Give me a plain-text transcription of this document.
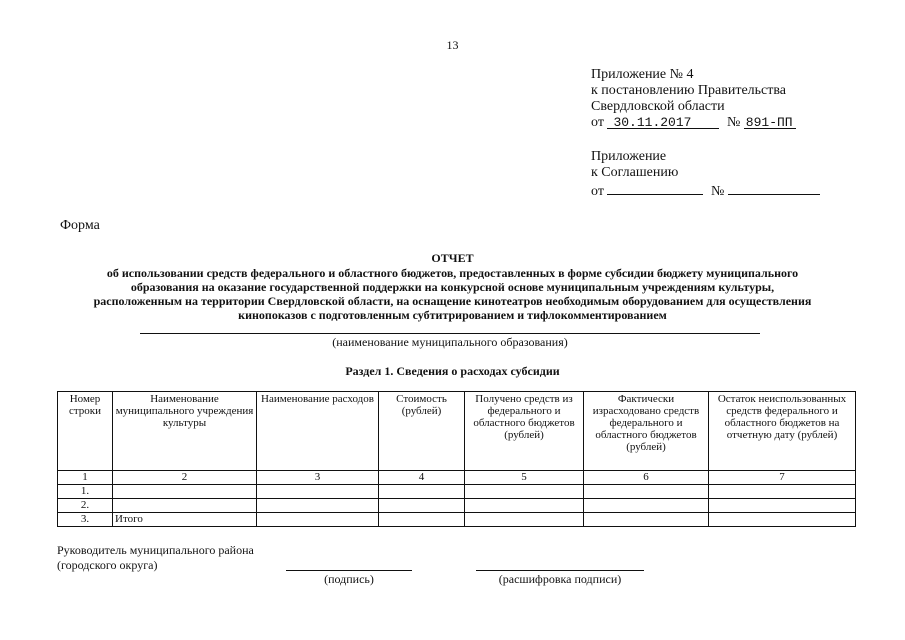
13
Приложение № 4
к постановлению Правительства
Свердловской области
от 30.11.2017	№ 891-ПП
Приложение
к Соглашению
от	№
Форма
ОТЧЕТ
об использовании средств федерального и областного бюджетов, предоставленных в форме субсидии бюджету муниципального
образования на оказание государственной поддержки на конкурсной основе муниципальным учреждениям культуры,
расположенным на территории Свердловской области, на оснащение кинотеатров необходимым оборудованием для осуществления
кинопоказов с подготовленным субтитрированием и тифлокомментированием
(наименование муниципального образования)
Раздел 1. Сведения о расходах субсидии
Номер строки	Наименование муниципального учреждения культуры	Наименование расходов	Стоимость (рублей)	Получено средств из федерального и областного бюджетов (рублей)	Фактически израсходовано средств федерального и областного бюджетов (рублей)	Остаток неиспользованных средств федерального и областного бюджетов на отчетную дату (рублей)
1	2	3	4	5	6	7
1.						
2.						
3.	Итого					
Руководитель муниципального района
(городского округа)
(подпись)	(расшифровка подписи)
